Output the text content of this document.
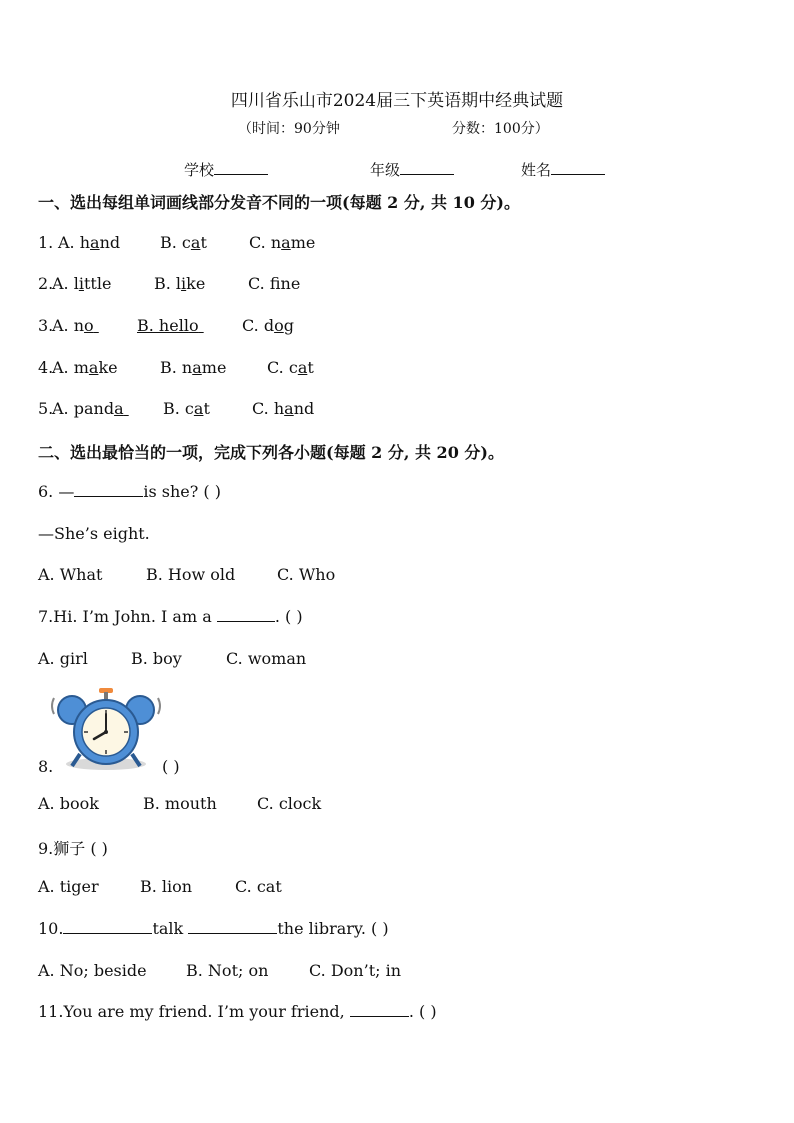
四川省乐山市2024届三下英语期中经典试题
（时间：90分钟	分数：100分）
学校	年级	姓名
一、选出每组单词画线部分发音不同的一项(每题 2 分, 共 10 分)。
1. A. hand B. cat	C. name
2.
A. little	B. like	C. fne
3.
A. no	B. hello	C. dog
4.
A. make	B. name	C. cat
5.
A. panda	B. cat	C. hand
二、选出最恰当的一项，完成下列各小题(每题 2 分, 共 20 分)。
6. —	is she? ( )
—She’s eight.
A. What	B. How old	C. Who
7.Hi. I’m John. I am a	. ( )
A. girl	B. boy	C. woman
8.	( )
A. book	B. mouth	C. clock
9.狮子 ( )
A. tiger	B. lion	C. cat
10.	talk	the library. ( )
A. No; beside B. Not; on	C. Don’t; in
11.You are my friend. I’m your friend,	. ( )
